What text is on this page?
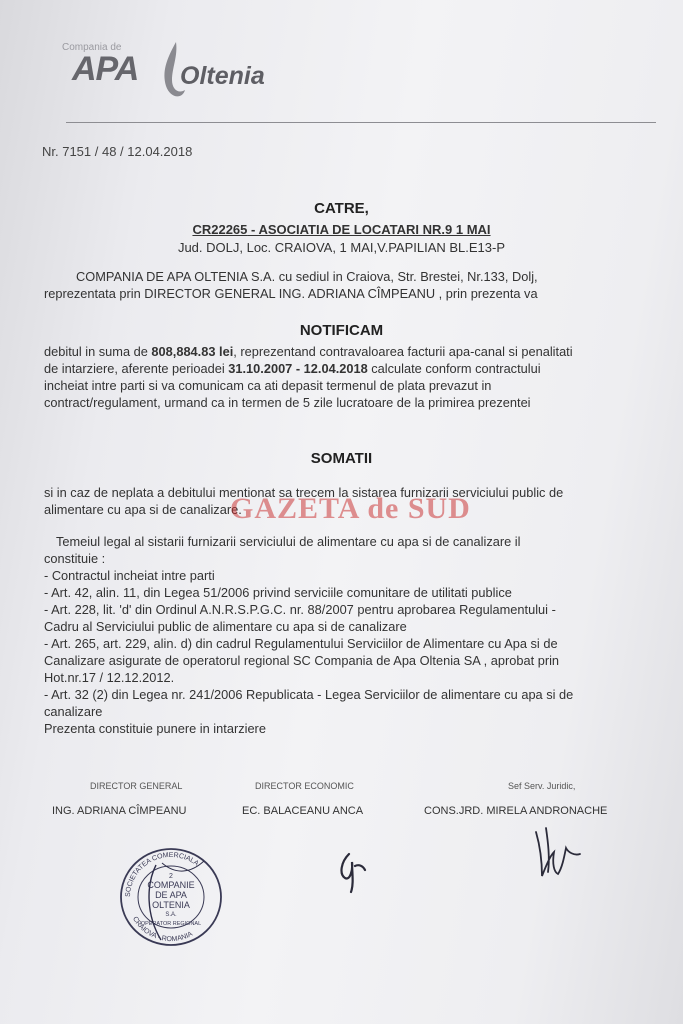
Compania de
APA Oltenia
Nr. 7151 / 48 / 12.04.2018
CATRE,
CR22265 - ASOCIATIA DE LOCATARI NR.9 1 MAI
Jud. DOLJ, Loc. CRAIOVA, 1 MAI,V.PAPILIAN BL.E13-P
COMPANIA DE APA OLTENIA S.A. cu sediul in Craiova, Str. Brestei, Nr.133, Dolj,
reprezentata prin DIRECTOR GENERAL ING. ADRIANA CÎMPEANU , prin prezenta va
NOTIFICAM
debitul in suma de 808,884.83 lei, reprezentand contravaloarea facturii apa-canal si penalitati
de intarziere, aferente perioadei 31.10.2007 - 12.04.2018 calculate conform contractului
incheiat intre parti si va comunicam ca ati depasit termenul de plata prevazut in
contract/regulament, urmand ca in termen de 5 zile lucratoare de la primirea prezentei
SOMATII
si in caz de neplata a debitului mentionat sa trecem la sistarea furnizarii serviciului public de
alimentare cu apa si de canalizare.
GAZETA de SUD
Temeiul legal al sistarii furnizarii serviciului de alimentare cu apa si de canalizare il
constituie :
- Contractul incheiat intre parti
- Art. 42, alin. 11, din Legea 51/2006 privind serviciile comunitare de utilitati publice
- Art. 228, lit. 'd' din Ordinul A.N.R.S.P.G.C. nr. 88/2007 pentru aprobarea Regulamentului -
Cadru al Serviciului public de alimentare cu apa si de canalizare
- Art. 265, art. 229, alin. d) din cadrul Regulamentului Serviciilor de Alimentare cu Apa si de
Canalizare asigurate de operatorul regional SC Compania de Apa Oltenia SA , aprobat prin
Hot.nr.17 / 12.12.2012.
- Art. 32 (2) din Legea nr. 241/2006 Republicata - Legea Serviciilor de alimentare cu apa si de
canalizare
Prezenta constituie punere in intarziere
DIRECTOR GENERAL	DIRECTOR ECONOMIC	Sef Serv. Juridic,
ING. ADRIANA CÎMPEANU	EC. BALACEANU ANCA	CONS.JRD. MIRELA ANDRONACHE
SOCIETATEA COMERCIALA
CRAIOVA - ROMANIA
2
COMPANIE
DE APA
OLTENIA
S.A.
OPERATOR REGIONAL
